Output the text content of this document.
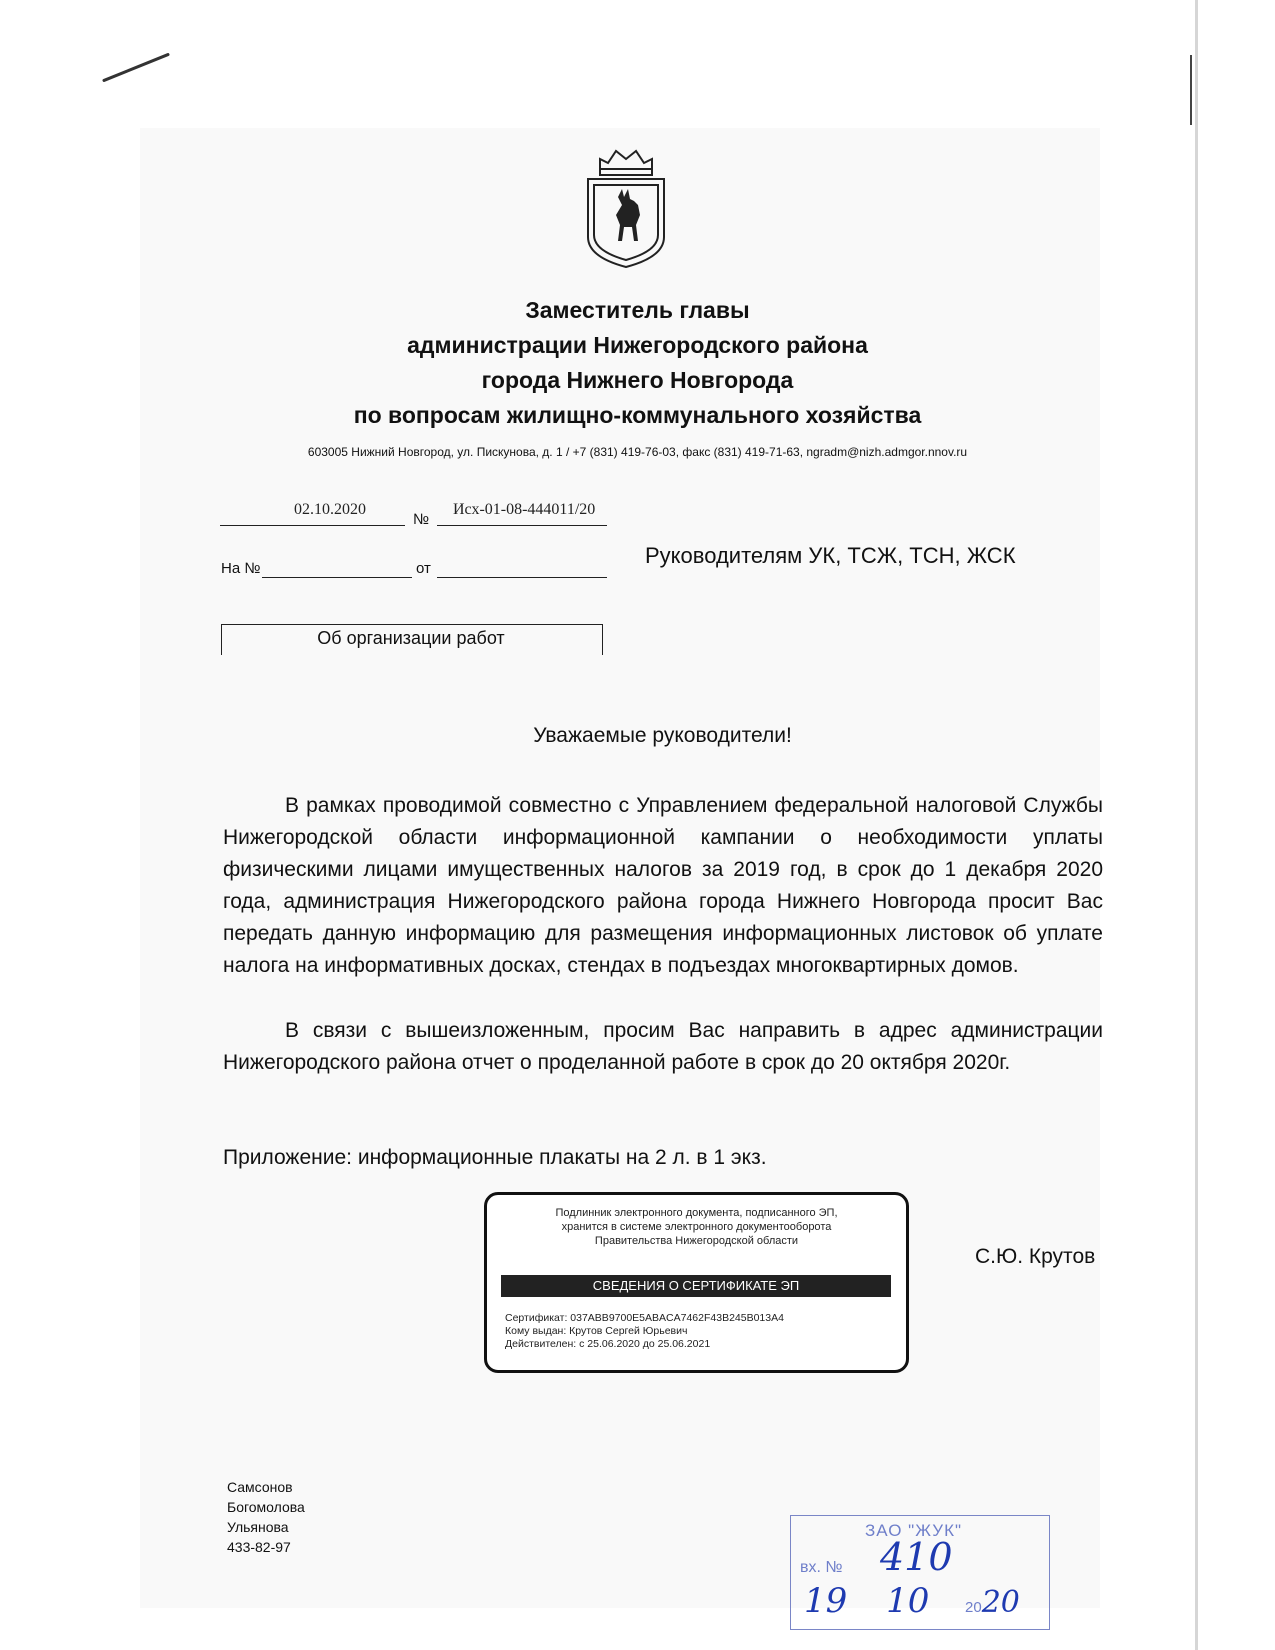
Заместитель главы
администрации Нижегородского района
города Нижнего Новгорода
по вопросам жилищно-коммунального хозяйства
603005 Нижний Новгород, ул. Пискунова, д. 1 / +7 (831) 419-76-03, факс (831) 419-71-63, ngradm@nizh.admgor.nnov.ru
02.10.2020
№
Исх-01-08-444011/20
На №	от
Руководителям УК, ТСЖ, ТСН, ЖСК
Об организации работ
Уважаемые руководители!

В рамках проводимой совместно с Управлением федеральной налоговой Службы Нижегородской области информационной кампании о необходимости уплаты физическими лицами имущественных налогов за 2019 год, в срок до 1 декабря 2020 года, администрация Нижегородского района города Нижнего Новгорода просит Вас передать данную информацию для размещения информационных листовок об уплате налога на информативных досках, стендах в подъездах многоквартирных домов.

В связи с вышеизложенным, просим Вас направить в адрес администрации Нижегородского района отчет о проделанной работе в срок до 20 октября 2020г.

Приложение: информационные плакаты на 2 л. в 1 экз.
Подлинник электронного документа, подписанного ЭП,
хранится в системе электронного документооборота
Правительства Нижегородской области
СВЕДЕНИЯ О СЕРТИФИКАТЕ ЭП
Сертификат: 037ABB9700E5ABACA7462F43B245B013A4
Кому выдан: Крутов Сергей Юрьевич
Действителен: с 25.06.2020 до 25.06.2021
С.Ю. Крутов
Самсонов
Богомолова
Ульянова
433-82-97
ЗАО "ЖУК"
вх. № 410
19 10 2020
